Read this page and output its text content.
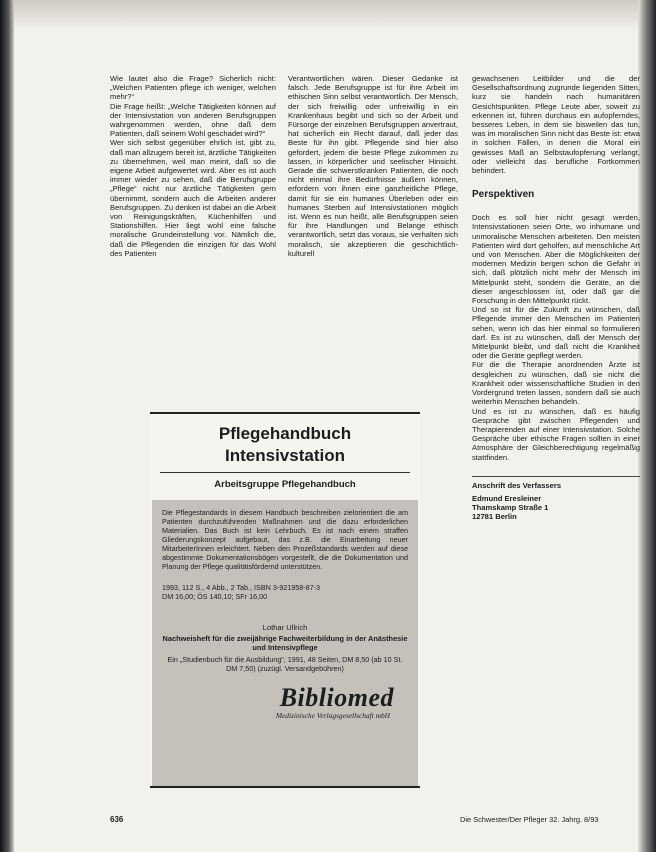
Wie lautet also die Frage? Sicherlich nicht: „Welchen Patienten pflege ich weniger, welchen mehr?“

Die Frage heißt: „Welche Tätigkeiten können auf der Intensivstation von anderen Berufsgruppen wahrgenommen werden, ohne daß dem Patienten, daß seinem Wohl geschadet wird?“

Wer sich selbst gegenüber ehrlich ist, gibt zu, daß man allzugern bereit ist, ärztliche Tätigkeiten zu übernehmen, weil man meint, daß so die eigene Arbeit aufgewertet wird. Aber es ist auch immer wieder zu sehen, daß die Berufsgruppe „Pflege“ nicht nur ärztliche Tätigkeiten gern übernimmt, sondern auch die Arbeiten anderer Berufsgruppen. Zu denken ist dabei an die Arbeit von Reinigungskräften, Küchenhilfen und Stationshilfen. Hier liegt wohl eine falsche moralische Grundeinstellung vor. Nämlich die, daß die Pflegenden die einzigen für das Wohl des Patienten

Verantwortlichen wären. Dieser Gedanke ist falsch. Jede Berufsgruppe ist für ihre Arbeit im ethischen Sinn selbst verantwortlich. Der Mensch, der sich freiwillig oder unfreiwillig in ein Krankenhaus begibt und sich so der Arbeit und Fürsorge der einzelnen Berufsgruppen anvertraut, hat sicherlich ein Recht darauf, daß jeder das Beste für ihn gibt. Pflegende sind hier also gefordert, jedem die beste Pflege zukommen zu lassen, in körperlicher und seelischer Hinsicht. Gerade die schwerstkranken Patienten, die noch nicht einmal ihre Bedürfnisse äußern können, erfordern von ihnen eine ganzheitliche Pflege, damit für sie ein humanes Überleben oder ein humanes Sterben auf Intensivstationen möglich ist. Wenn es nun heißt, alle Berufsgruppen seien für ihre Handlungen und Belange ethisch verantwortlich, setzt das voraus, sie verhalten sich moralisch, sie akzeptieren die geschichtlich-kulturell

gewachsenen Leitbilder und die der Gesellschaftsordnung zugrunde liegenden Sitten, kurz sie handeln nach humanitären Gesichtspunkten. Pflege Leute aber, soweit zu erkennen ist, führen durchaus ein aufopferndes, besseres Leben, in dem sie bisweilen das tun, was im moralischen Sinn nicht das Beste ist: etwa in solchen Fällen, in denen die Moral ein gewisses Maß an Selbstaufopferung verlangt, oder vielleicht das berufliche Fortkommen behindert.

Perspektiven

Doch es soll hier nicht gesagt werden, Intensivstationen seien Orte, wo inhumane und unmoralische Menschen arbeiteten. Den meisten Patienten wird dort geholfen, auf menschliche Art und von Menschen. Aber die Möglichkeiten der modernen Medizin bergen schon die Gefahr in sich, daß plötzlich nicht mehr der Mensch im Mittelpunkt steht, sondern die Geräte, an die dieser angeschlossen ist, oder daß gar die Forschung in den Mittelpunkt rückt.

Und so ist für die Zukunft zu wünschen, daß Pflegende immer den Menschen im Patienten sehen, wenn ich das hier einmal so formulieren darf. Es ist zu wünschen, daß der Mensch der Mittelpunkt bleibt, und daß nicht die Krankheit oder die Geräte gepflegt werden.

Für die die Therapie anordnenden Ärzte ist desgleichen zu wünschen, daß sie nicht die Krankheit oder wissenschaftliche Studien in den Vordergrund treten lassen, sondern daß sie auch weiterhin Menschen behandeln.

Und es ist zu wünschen, daß es häufig Gespräche gibt zwischen Pflegenden und Therapierenden auf einer Intensivstation. Solche Gespräche über ethische Fragen sollten in einer Atmosphäre der Gleichberechtigung regelmäßig stattfinden.

Anschrift des Verfassers
Edmund Eresleiner
Thamskamp Straße 1
12781 Berlin
Pflegehandbuch
Intensivstation
Arbeitsgruppe Pflegehandbuch
Die Pflegestandards in diesem Handbuch beschreiben zielorientiert die am Patienten durchzuführenden Maßnahmen und die dazu erforderlichen Materialien. Das Buch ist kein Lehrbuch. Es ist nach einem straffen Gliederungskonzept aufgebaut, das z.B. die Einarbeitung neuer MitarbeiterInnen erleichtert. Neben den Prozeßstandards werden auf diese abgestimmte Dokumentationsbögen vorgestellt, die die Dokumentation und Planung der Pflege qualitätsfördernd unterstützen.
1993, 112 S., 4 Abb., 2 Tab., ISBN 3-921958-87-3
DM 16,00; ÖS 140,10; SFr 16,00
Lothar Ullrich
Nachweisheft für die zweijährige Fachweiterbildung in der Anästhesie und Intensivpflege
Ein „Studienbuch für die Ausbildung“, 1991, 48 Seiten, DM 8,50 (ab 10 St. DM 7,50) (zuzügl. Versandgebühren)
Bibliomed
Medizinische Verlagsgesellschaft mbH
636	Die Schwester/Der Pfleger 32. Jahrg. 8/93
